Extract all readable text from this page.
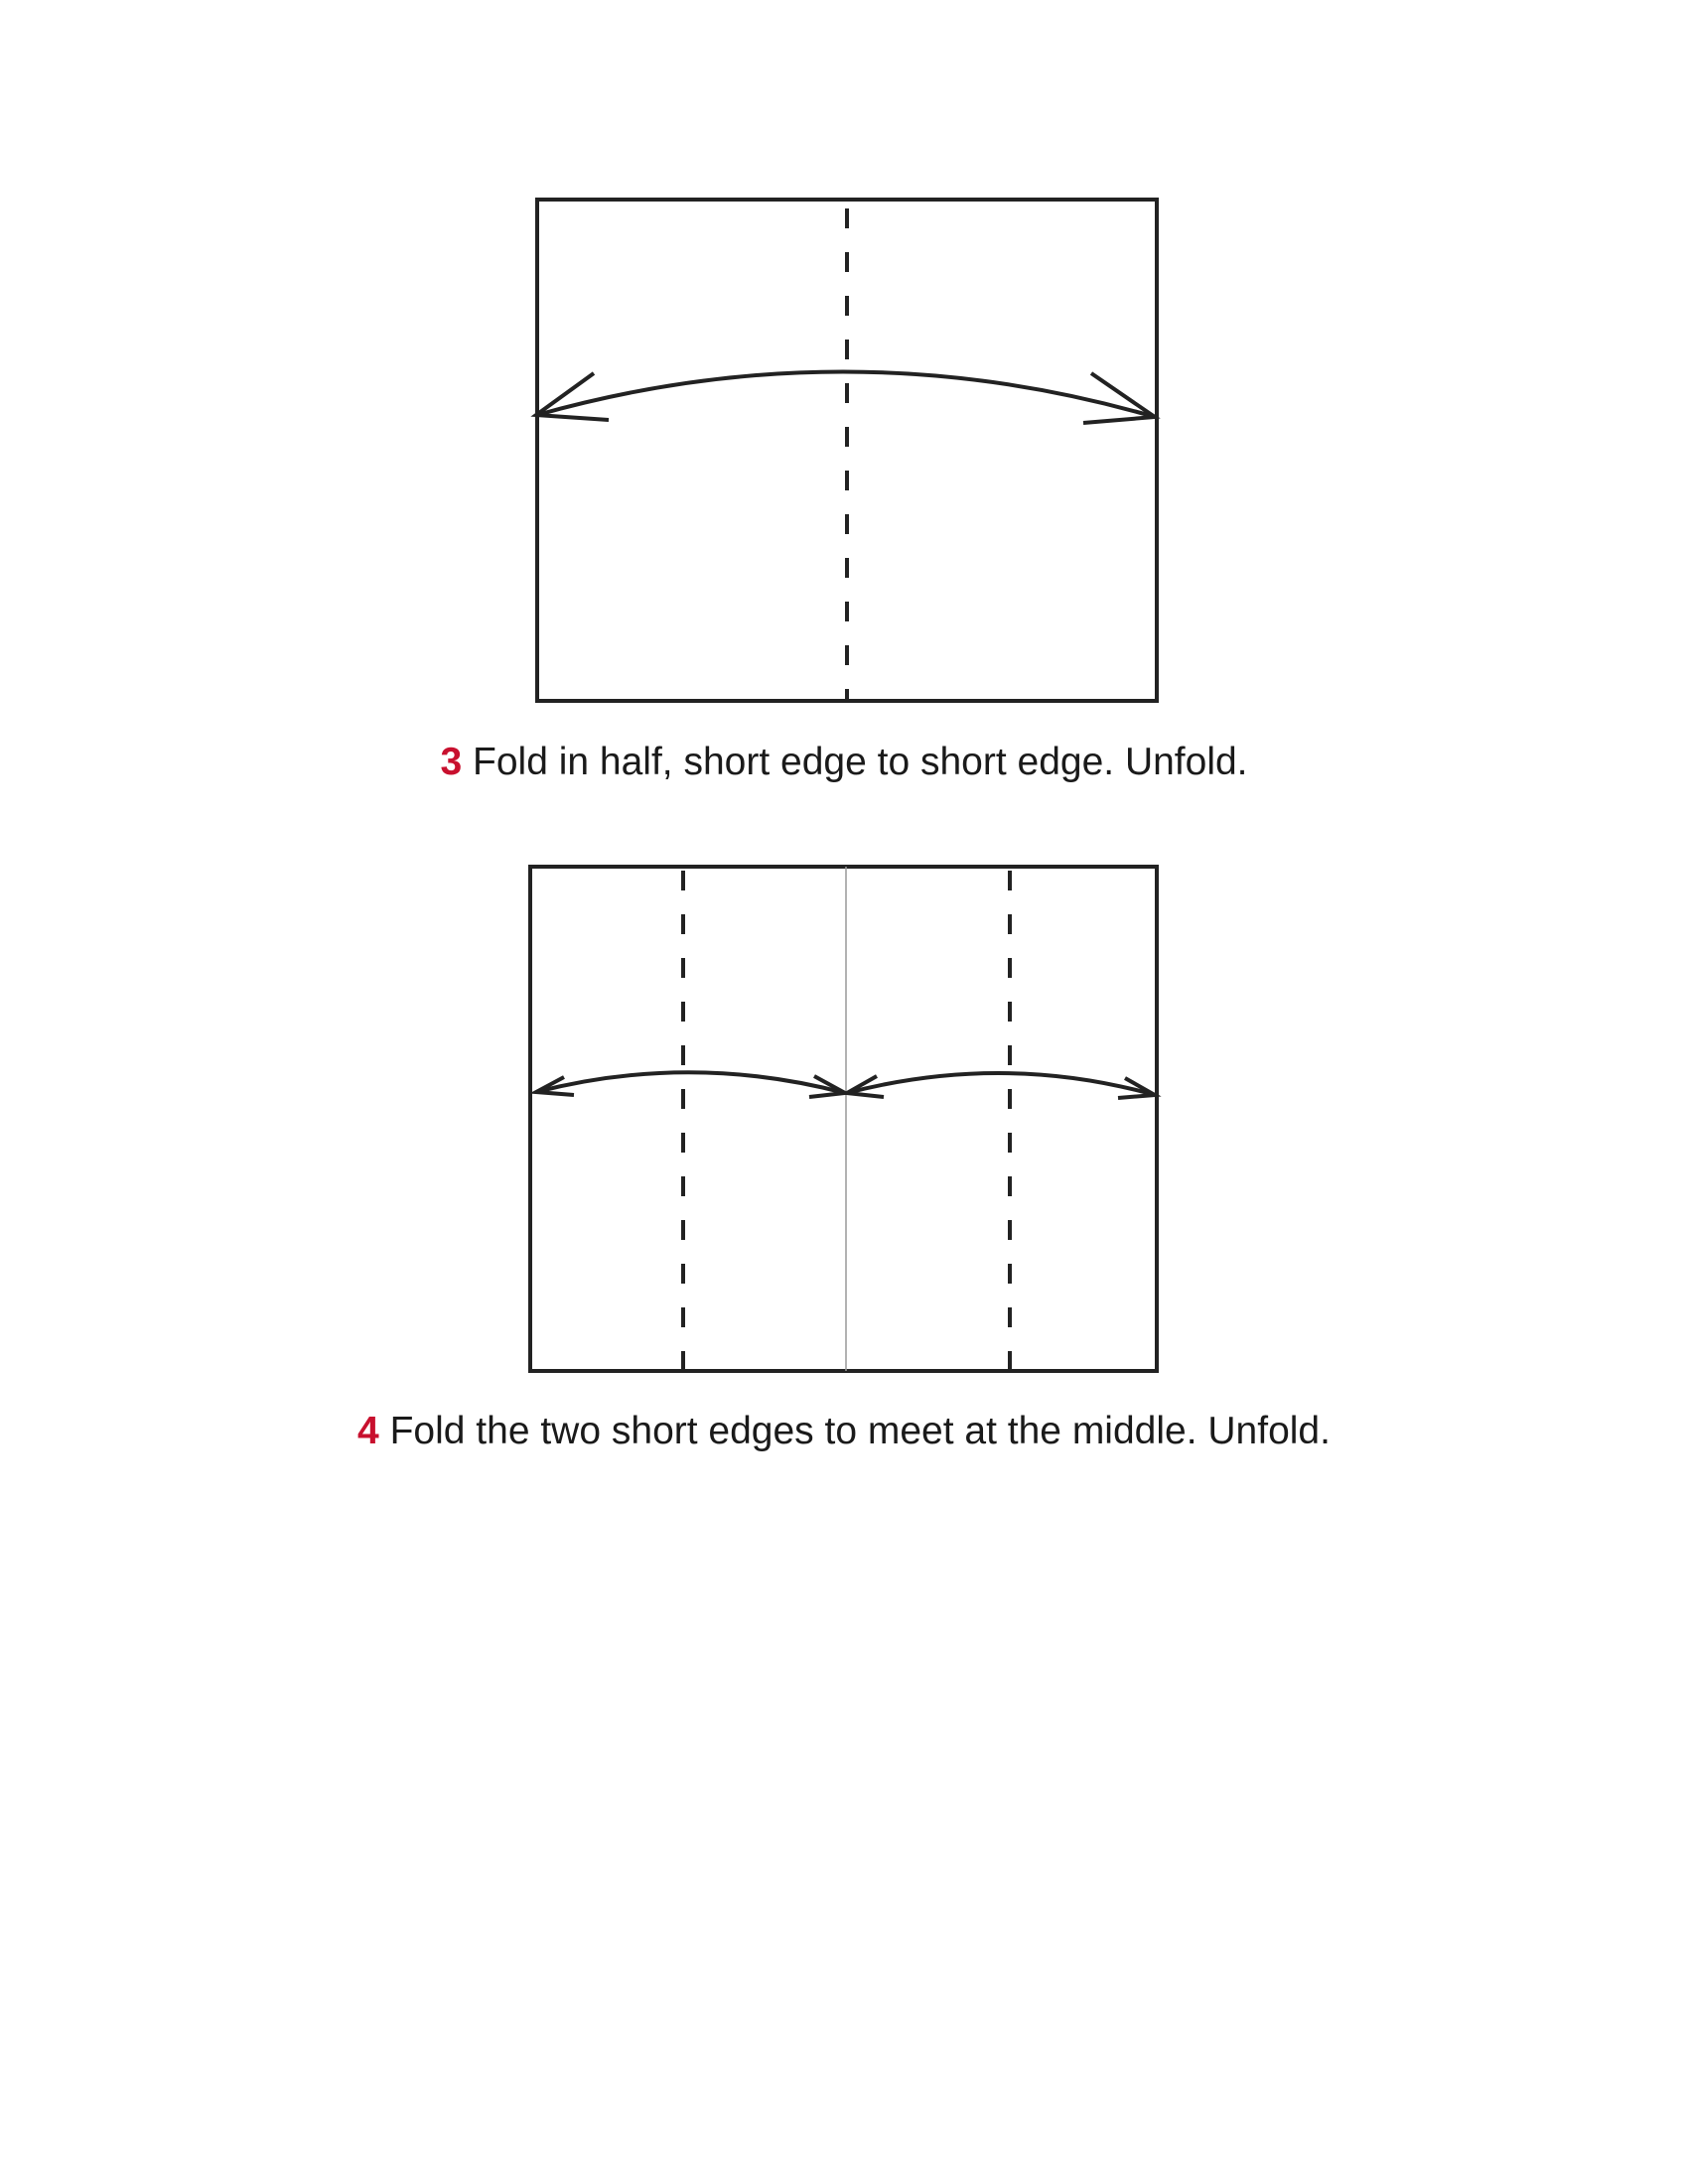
3 Fold in half, short edge to short edge. Unfold.
4 Fold the two short edges to meet at the middle. Unfold.
